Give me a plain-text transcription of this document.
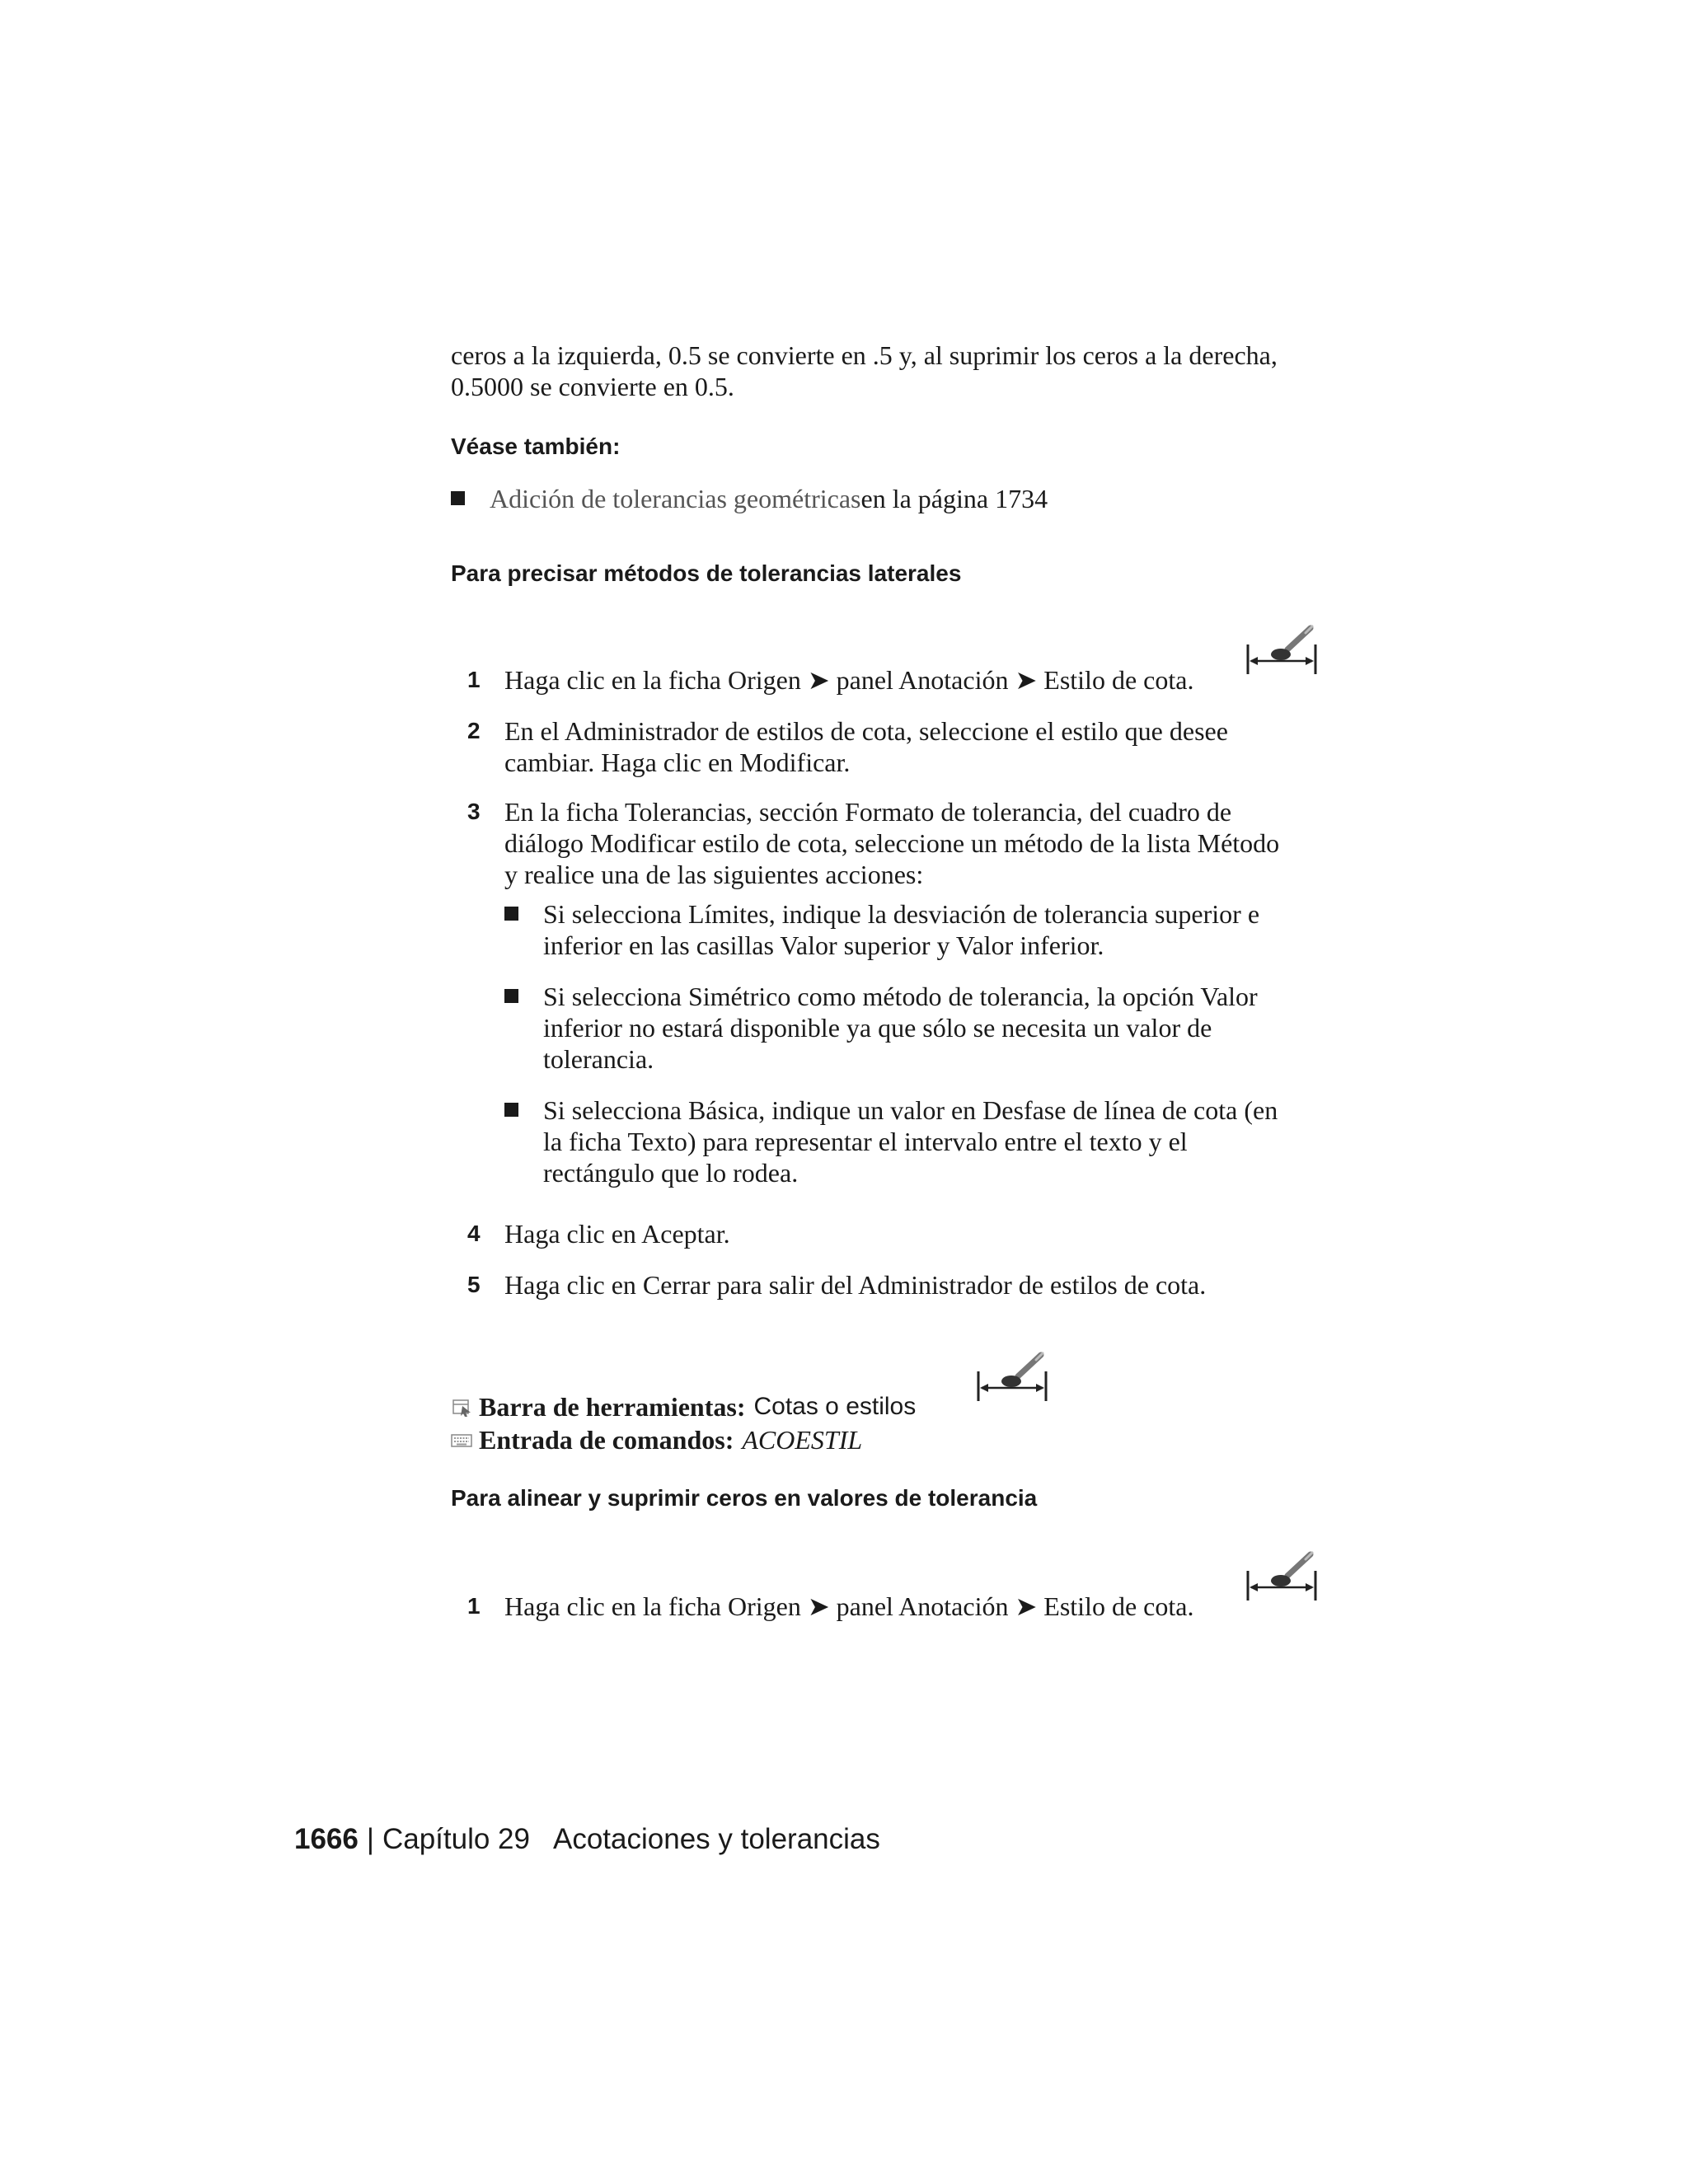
ceros a la izquierda, 0.5 se convierte en .5 y, al suprimir los ceros a la derecha,
0.5000 se convierte en 0.5.

Véase también:
Adición de tolerancias geométricas en la página 1734
Para precisar métodos de tolerancias laterales
1 Haga clic en la ficha Origen ➤ panel Anotación ➤ Estilo de cota.
2 En el Administrador de estilos de cota, seleccione el estilo que desee
cambiar. Haga clic en Modificar.
3 En la ficha Tolerancias, sección Formato de tolerancia, del cuadro de
diálogo Modificar estilo de cota, seleccione un método de la lista Método
y realice una de las siguientes acciones:
Si selecciona Límites, indique la desviación de tolerancia superior e
inferior en las casillas Valor superior y Valor inferior.
Si selecciona Simétrico como método de tolerancia, la opción Valor
inferior no estará disponible ya que sólo se necesita un valor de
tolerancia.
Si selecciona Básica, indique un valor en Desfase de línea de cota (en
la ficha Texto) para representar el intervalo entre el texto y el
rectángulo que lo rodea.
4 Haga clic en Aceptar.
5 Haga clic en Cerrar para salir del Administrador de estilos de cota.
Barra de herramientas: Cotas o estilos
Entrada de comandos: ACOESTIL
Para alinear y suprimir ceros en valores de tolerancia
1 Haga clic en la ficha Origen ➤ panel Anotación ➤ Estilo de cota.
1666 | Capítulo 29 Acotaciones y tolerancias
